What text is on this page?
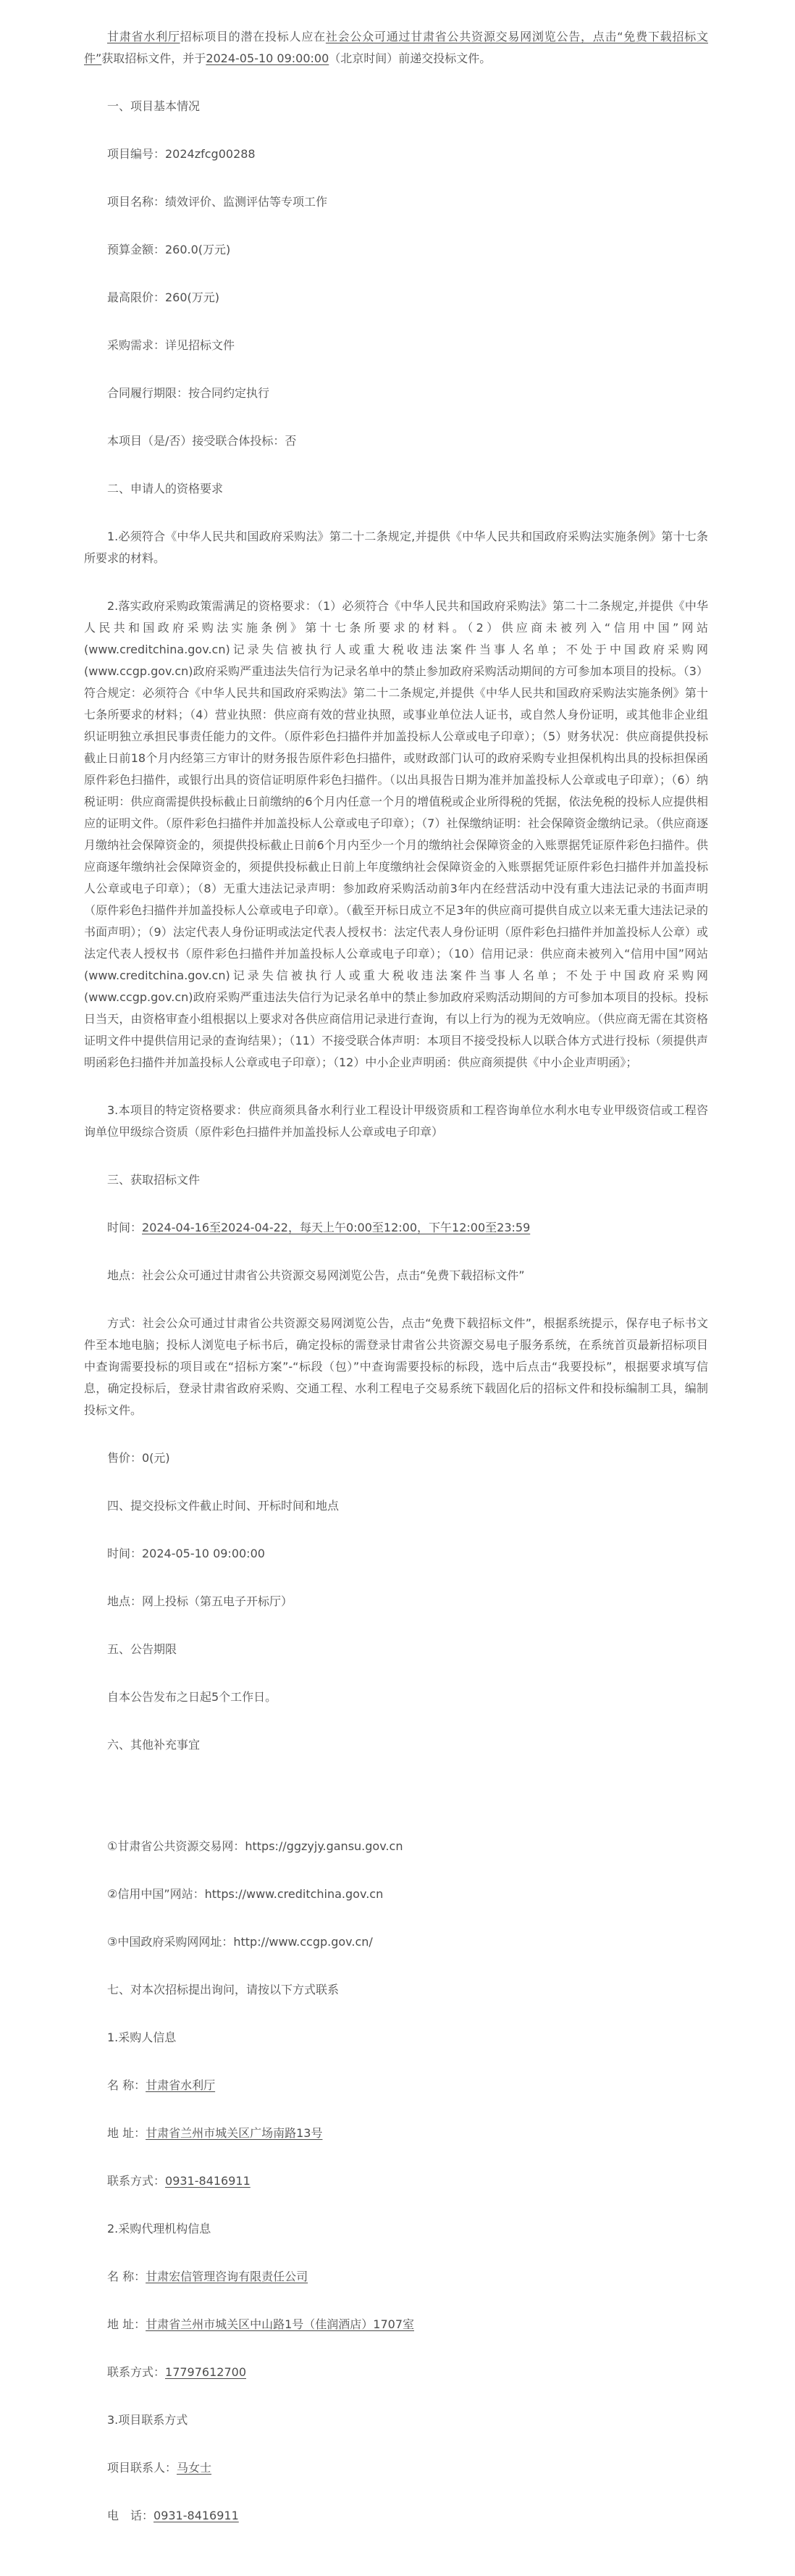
甘肃省水利厅招标项目的潜在投标人应在社会公众可通过甘肃省公共资源交易网浏览公告，点击“免费下载招标文件”获取招标文件，并于2024-05-10 09:00:00（北京时间）前递交投标文件。

一、项目基本情况

项目编号：2024zfcg00288

项目名称：绩效评价、监测评估等专项工作

预算金额：260.0(万元)

最高限价：260(万元)

采购需求：详见招标文件

合同履行期限：按合同约定执行

本项目（是/否）接受联合体投标：否

二、申请人的资格要求

1.必须符合《中华人民共和国政府采购法》第二十二条规定,并提供《中华人民共和国政府采购法实施条例》第十七条所要求的材料。

2.落实政府采购政策需满足的资格要求：（1）必须符合《中华人民共和国政府采购法》第二十二条规定,并提供《中华人民共和国政府采购法实施条例》第十七条所要求的材料。（2）供应商未被列入“信用中国”网站(www.creditchina.gov.cn)记录失信被执行人或重大税收违法案件当事人名单；不处于中国政府采购网(www.ccgp.gov.cn)政府采购严重违法失信行为记录名单中的禁止参加政府采购活动期间的方可参加本项目的投标。（3）符合规定：必须符合《中华人民共和国政府采购法》第二十二条规定,并提供《中华人民共和国政府采购法实施条例》第十七条所要求的材料；（4）营业执照：供应商有效的营业执照，或事业单位法人证书，或自然人身份证明，或其他非企业组织证明独立承担民事责任能力的文件。（原件彩色扫描件并加盖投标人公章或电子印章）；（5）财务状况：供应商提供投标截止日前18个月内经第三方审计的财务报告原件彩色扫描件，或财政部门认可的政府采购专业担保机构出具的投标担保函原件彩色扫描件，或银行出具的资信证明原件彩色扫描件。（以出具报告日期为准并加盖投标人公章或电子印章）；（6）纳税证明：供应商需提供投标截止日前缴纳的6个月内任意一个月的增值税或企业所得税的凭据，依法免税的投标人应提供相应的证明文件。（原件彩色扫描件并加盖投标人公章或电子印章）；（7）社保缴纳证明：社会保障资金缴纳记录。（供应商逐月缴纳社会保障资金的，须提供投标截止日前6个月内至少一个月的缴纳社会保障资金的入账票据凭证原件彩色扫描件。供应商逐年缴纳社会保障资金的，须提供投标截止日前上年度缴纳社会保障资金的入账票据凭证原件彩色扫描件并加盖投标人公章或电子印章）；（8）无重大违法记录声明：参加政府采购活动前3年内在经营活动中没有重大违法记录的书面声明（原件彩色扫描件并加盖投标人公章或电子印章）。（截至开标日成立不足3年的供应商可提供自成立以来无重大违法记录的书面声明）；（9）法定代表人身份证明或法定代表人授权书：法定代表人身份证明（原件彩色扫描件并加盖投标人公章）或法定代表人授权书（原件彩色扫描件并加盖投标人公章或电子印章）；（10）信用记录：供应商未被列入“信用中国”网站(www.creditchina.gov.cn)记录失信被执行人或重大税收违法案件当事人名单；不处于中国政府采购网(www.ccgp.gov.cn)政府采购严重违法失信行为记录名单中的禁止参加政府采购活动期间的方可参加本项目的投标。投标日当天，由资格审查小组根据以上要求对各供应商信用记录进行查询，有以上行为的视为无效响应。（供应商无需在其资格证明文件中提供信用记录的查询结果）；（11）不接受联合体声明：本项目不接受投标人以联合体方式进行投标（须提供声明函彩色扫描件并加盖投标人公章或电子印章）；（12）中小企业声明函：供应商须提供《中小企业声明函》；

3.本项目的特定资格要求：供应商须具备水利行业工程设计甲级资质和工程咨询单位水利水电专业甲级资信或工程咨询单位甲级综合资质（原件彩色扫描件并加盖投标人公章或电子印章）

三、获取招标文件

时间：2024-04-16至2024-04-22，每天上午0:00至12:00，下午12:00至23:59

地点：社会公众可通过甘肃省公共资源交易网浏览公告，点击“免费下载招标文件”

方式：社会公众可通过甘肃省公共资源交易网浏览公告，点击“免费下载招标文件”，根据系统提示，保存电子标书文件至本地电脑；投标人浏览电子标书后，确定投标的需登录甘肃省公共资源交易电子服务系统，在系统首页最新招标项目中查询需要投标的项目或在“招标方案”-“标段（包）”中查询需要投标的标段，选中后点击“我要投标”，根据要求填写信息，确定投标后，登录甘肃省政府采购、交通工程、水利工程电子交易系统下载固化后的招标文件和投标编制工具，编制投标文件。

售价：0(元)

四、提交投标文件截止时间、开标时间和地点

时间：2024-05-10 09:00:00

地点：网上投标（第五电子开标厅）

五、公告期限

自本公告发布之日起5个工作日。

六、其他补充事宜

①甘肃省公共资源交易网：https://ggzyjy.gansu.gov.cn

②信用中国”网站：https://www.creditchina.gov.cn

③中国政府采购网网址：http://www.ccgp.gov.cn/

七、对本次招标提出询问，请按以下方式联系

1.采购人信息

名 称：甘肃省水利厅

地 址：甘肃省兰州市城关区广场南路13号

联系方式：0931-8416911

2.采购代理机构信息

名 称：甘肃宏信管理咨询有限责任公司

地 址：甘肃省兰州市城关区中山路1号（佳润酒店）1707室

联系方式：17797612700

3.项目联系方式

项目联系人：马女士

电　话：0931-8416911
